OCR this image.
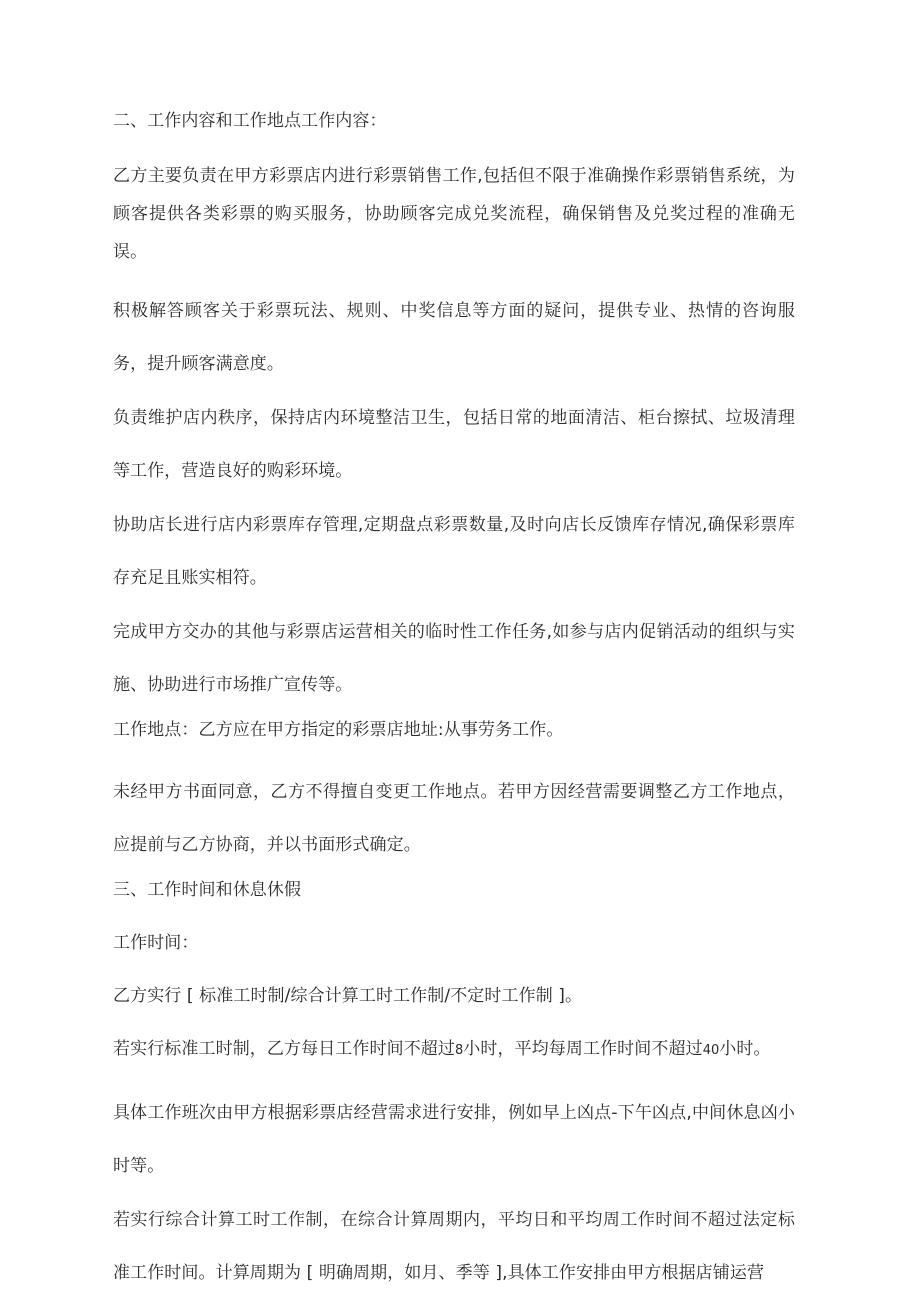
二、工作内容和工作地点工作内容：

乙方主要负责在甲方彩票店内进行彩票销售工作,包括但不限于准确操作彩票销售系统，为顾客提供各类彩票的购买服务，协助顾客完成兑奖流程，确保销售及兑奖过程的准确无误。

积极解答顾客关于彩票玩法、规则、中奖信息等方面的疑问，提供专业、热情的咨询服务，提升顾客满意度。

负责维护店内秩序，保持店内环境整洁卫生，包括日常的地面清洁、柜台擦拭、垃圾清理等工作，营造良好的购彩环境。

协助店长进行店内彩票库存管理,定期盘点彩票数量,及时向店长反馈库存情况,确保彩票库存充足且账实相符。

完成甲方交办的其他与彩票店运营相关的临时性工作任务,如参与店内促销活动的组织与实施、协助进行市场推广宣传等。

工作地点：乙方应在甲方指定的彩票店地址:从事劳务工作。

未经甲方书面同意，乙方不得擅自变更工作地点。若甲方因经营需要调整乙方工作地点，应提前与乙方协商，并以书面形式确定。

三、工作时间和休息休假

工作时间：

乙方实行 [ 标准工时制/综合计算工时工作制/不定时工作制 ]。

若实行标准工时制，乙方每日工作时间不超过8小时，平均每周工作时间不超过40小时。

具体工作班次由甲方根据彩票店经营需求进行安排，例如早上凶点-下午凶点,中间休息凶小时等。

若实行综合计算工时工作制，在综合计算周期内，平均日和平均周工作时间不超过法定标准工作时间。计算周期为 [ 明确周期，如月、季等 ],具体工作安排由甲方根据店铺运营
